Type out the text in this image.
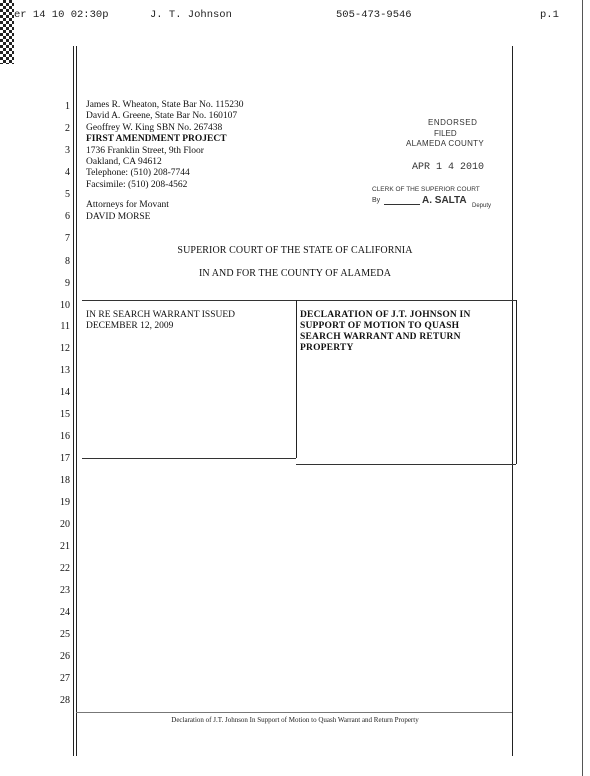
er 14 10 02:30p	J. T. Johnson	505-473-9546	p.1
1
2
3
4
5
6
7
8
9
10
11
12
13
14
15
16
17
18
19
20
21
22
23
24
25
26
27
28
James R. Wheaton, State Bar No. 115230
David A. Greene, State Bar No. 160107
Geoffrey W. King SBN No. 267438
FIRST AMENDMENT PROJECT
1736 Franklin Street, 9th Floor
Oakland, CA 94612
Telephone: (510) 208-7744
Facsimile: (510) 208-4562
Attorneys for Movant
DAVID MORSE
ENDORSED
FILED
ALAMEDA COUNTY
APR 1 4 2010
CLERK OF THE SUPERIOR COURT
By	A. SALTA Deputy
SUPERIOR COURT OF THE STATE OF CALIFORNIA
IN AND FOR THE COUNTY OF ALAMEDA
IN RE SEARCH WARRANT ISSUED
DECEMBER 12, 2009
DECLARATION OF J.T. JOHNSON IN
SUPPORT OF MOTION TO QUASH
SEARCH WARRANT AND RETURN
PROPERTY
Declaration of J.T. Johnson In Support of Motion to Quash Warrant and Return Property
